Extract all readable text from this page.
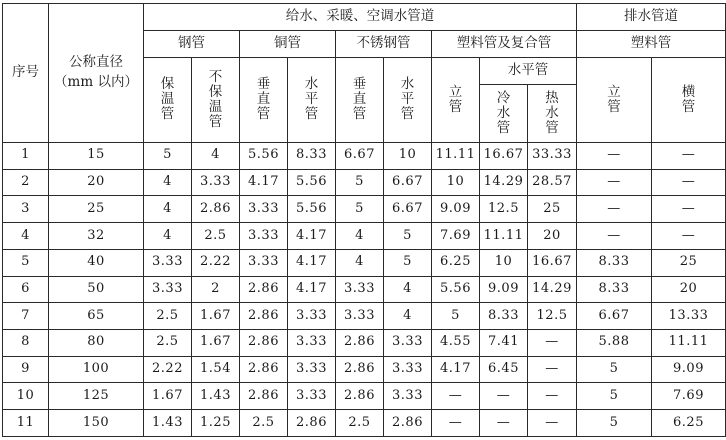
序号	公称直径
（mm 以内）	给水、采暖、空调水管道									排水管道	
		钢管		铜管		不锈钢管		塑料管及复合管			塑料管	
		保温管	不保温管	垂直管	水平管	垂直管	水平管	立管	水平管		立管	横管
									冷水管	热水管		
1	15	5	4	5.56	8.33	6.67	10	11.11	16.67	33.33	—	—
2	20	4	3.33	4.17	5.56	5	6.67	10	14.29	28.57	—	—
3	25	4	2.86	3.33	5.56	5	6.67	9.09	12.5	25	—	—
4	32	4	2.5	3.33	4.17	4	5	7.69	11.11	20	—	—
5	40	3.33	2.22	3.33	4.17	4	5	6.25	10	16.67	8.33	25
6	50	3.33	2	2.86	4.17	3.33	4	5.56	9.09	14.29	8.33	20
7	65	2.5	1.67	2.86	3.33	3.33	4	5	8.33	12.5	6.67	13.33
8	80	2.5	1.67	2.86	3.33	2.86	3.33	4.55	7.41	—	5.88	11.11
9	100	2.22	1.54	2.86	3.33	2.86	3.33	4.17	6.45	—	5	9.09
10	125	1.67	1.43	2.86	3.33	2.86	3.33	—	—	—	5	7.69
11	150	1.43	1.25	2.5	2.86	2.5	2.86	—	—	—	5	6.25
